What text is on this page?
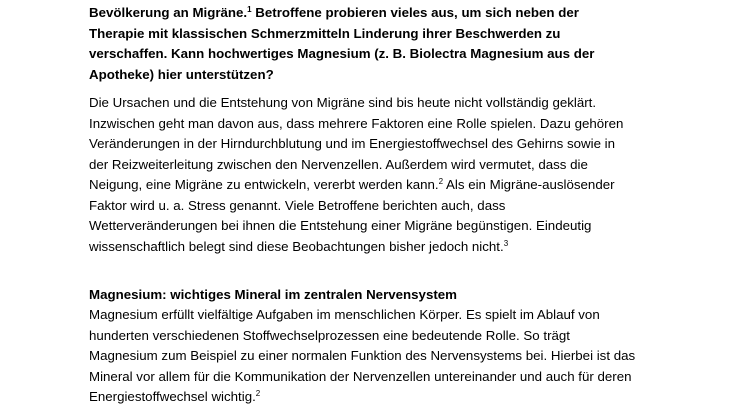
Bevölkerung an Migräne.$^1$ Betroffene probieren vieles aus, um sich neben der
Therapie mit klassischen Schmerzmitteln Linderung ihrer Beschwerden zu
verschaffen. Kann hochwertiges Magnesium (z. B. Biolectra Magnesium aus der
Apotheke) hier unterstützen?

Die Ursachen und die Entstehung von Migräne sind bis heute nicht vollständig geklärt.
Inzwischen geht man davon aus, dass mehrere Faktoren eine Rolle spielen. Dazu gehören
Veränderungen in der Hirndurchblutung und im Energiestoffwechsel des Gehirns sowie in
der Reizweiterleitung zwischen den Nervenzellen. Außerdem wird vermutet, dass die
Neigung, eine Migräne zu entwickeln, vererbt werden kann.$^2$ Als ein Migräne-auslösender
Faktor wird u. a. Stress genannt. Viele Betroffene berichten auch, dass
Wetterveränderungen bei ihnen die Entstehung einer Migräne begünstigen. Eindeutig
wissenschaftlich belegt sind diese Beobachtungen bisher jedoch nicht.$^3$

Magnesium: wichtiges Mineral im zentralen Nervensystem

Magnesium erfüllt vielfältige Aufgaben im menschlichen Körper. Es spielt im Ablauf von
hunderten verschiedenen Stoffwechselprozessen eine bedeutende Rolle. So trägt
Magnesium zum Beispiel zu einer normalen Funktion des Nervensystems bei. Hierbei ist das
Mineral vor allem für die Kommunikation der Nervenzellen untereinander und auch für deren
Energiestoffwechsel wichtig.$^2$
